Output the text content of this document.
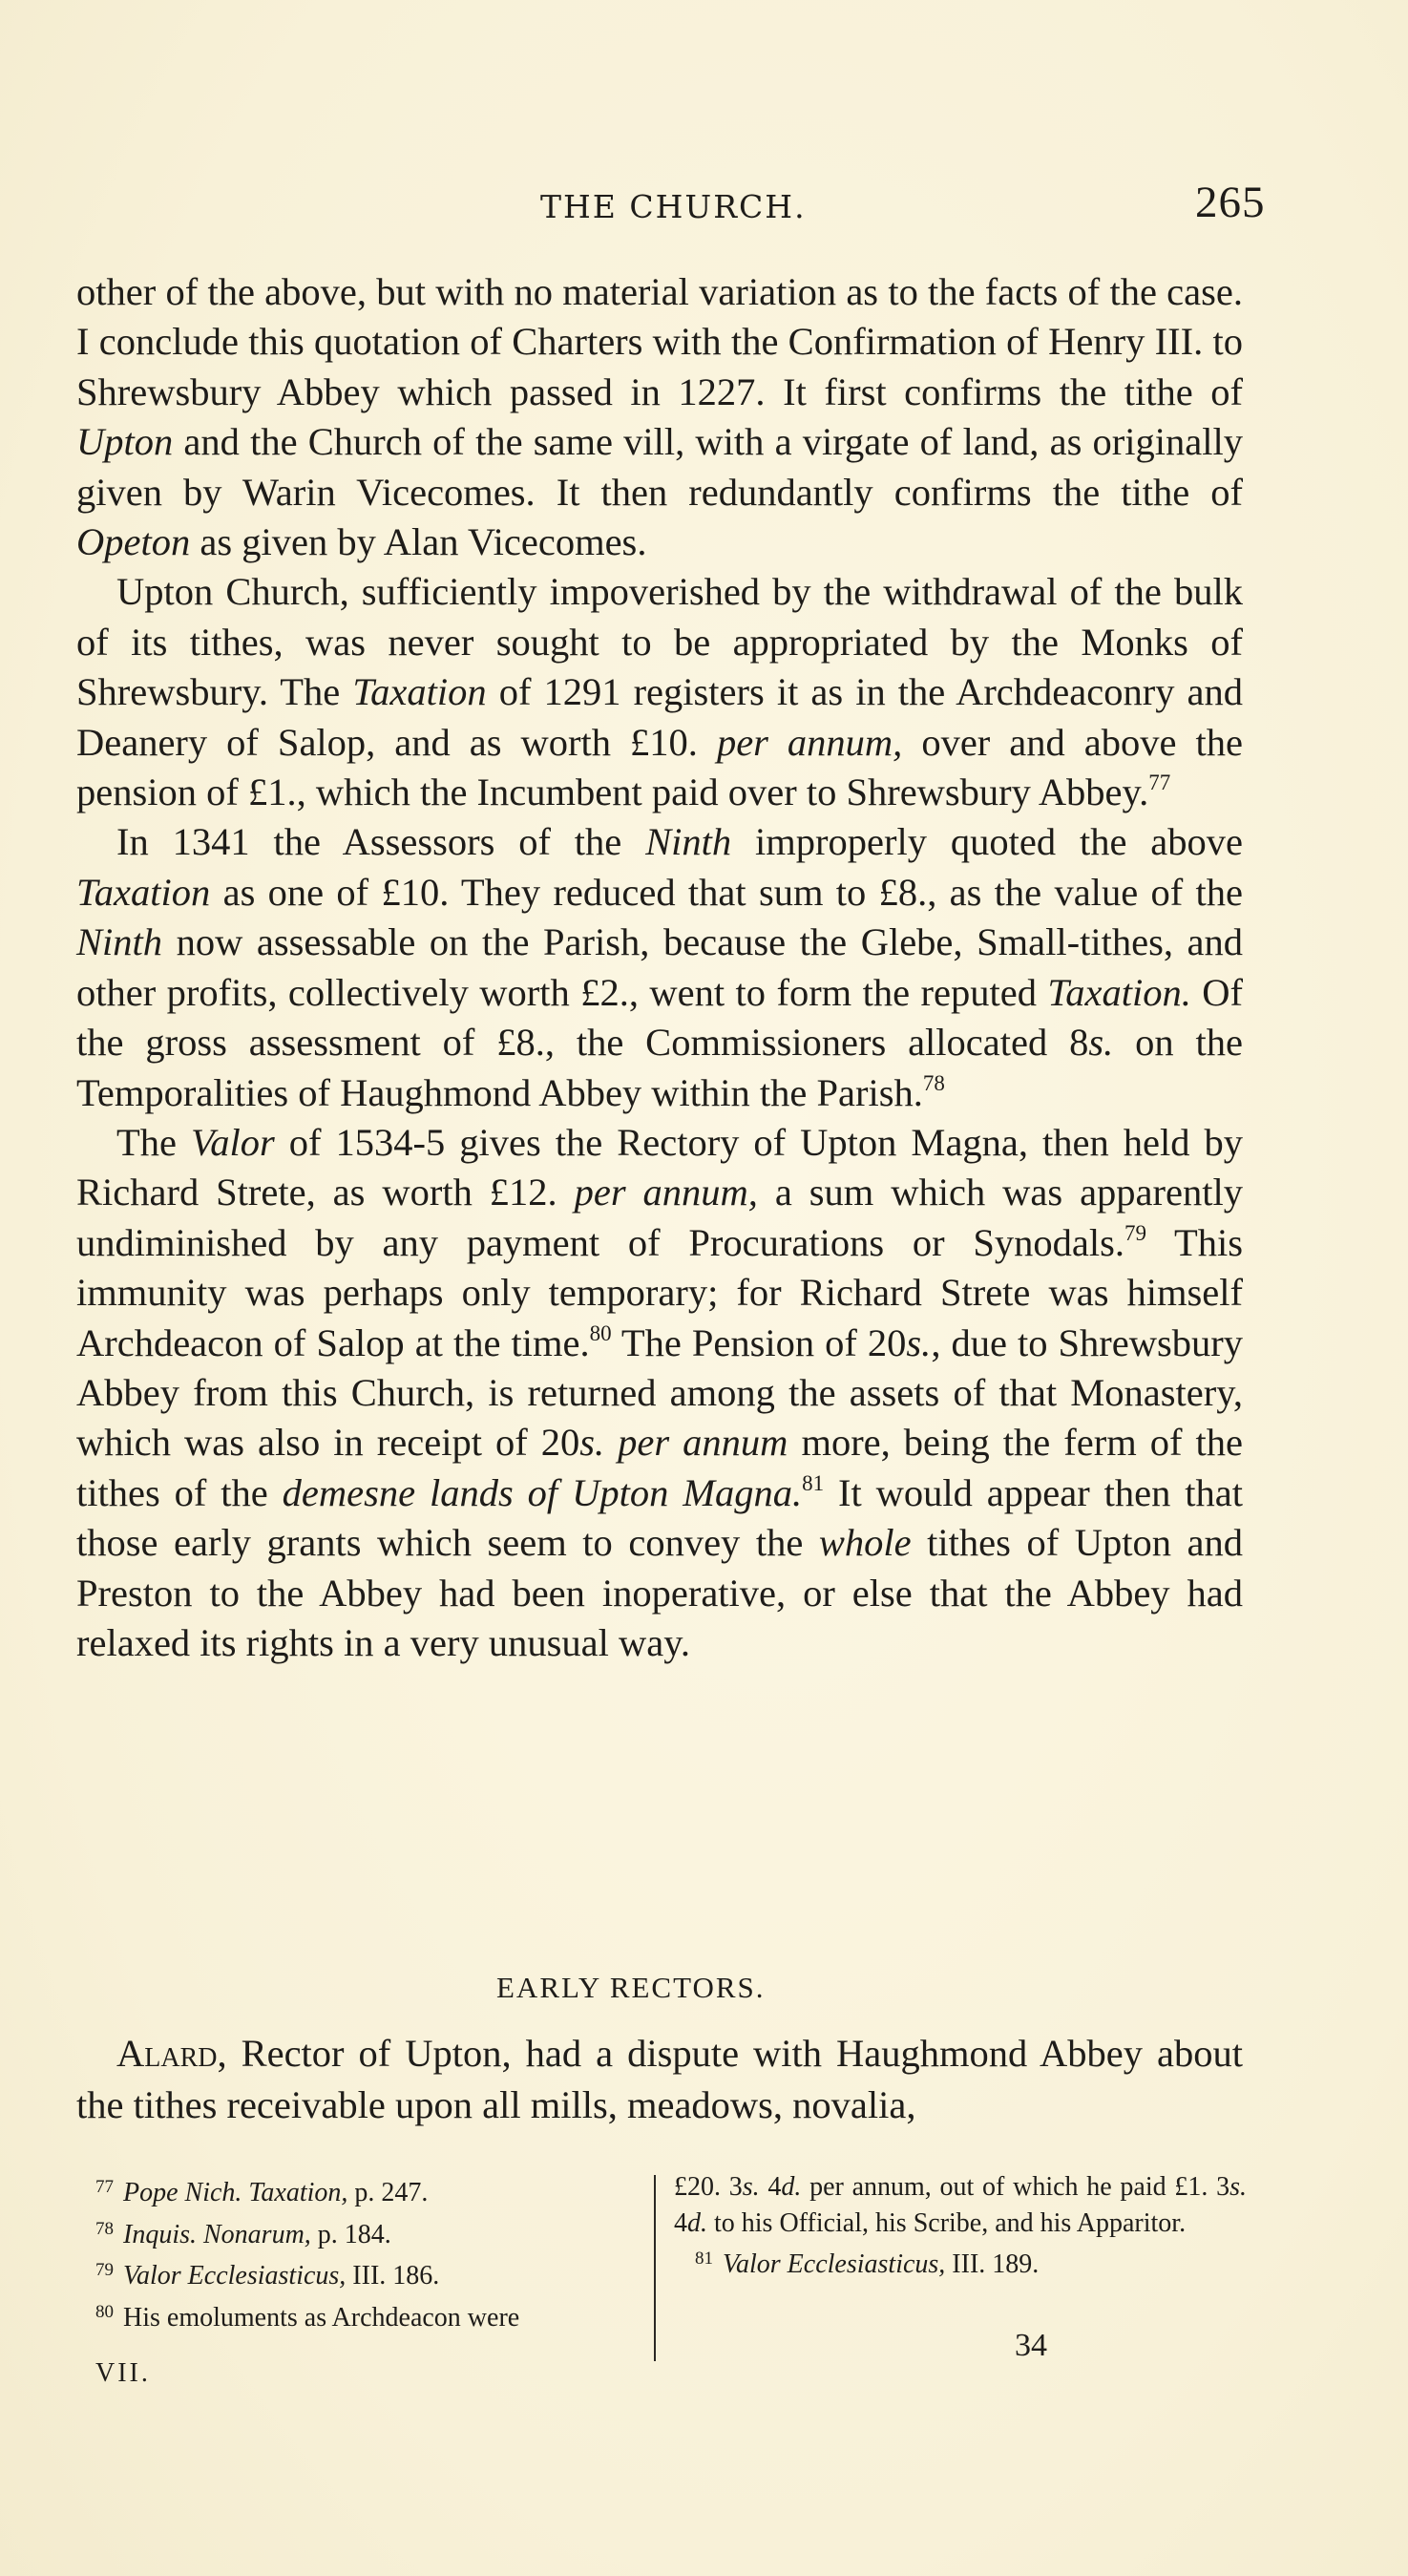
THE CHURCH.	265

other of the above, but with no material variation as to the facts of the case. I conclude this quotation of Charters with the Confirmation of Henry III. to Shrewsbury Abbey which passed in 1227. It first confirms the tithe of Upton and the Church of the same vill, with a virgate of land, as originally given by Warin Vicecomes. It then redundantly confirms the tithe of Opeton as given by Alan Vicecomes.

Upton Church, sufficiently impoverished by the withdrawal of the bulk of its tithes, was never sought to be appropriated by the Monks of Shrewsbury. The Taxation of 1291 registers it as in the Archdeaconry and Deanery of Salop, and as worth £10. per annum, over and above the pension of £1., which the Incumbent paid over to Shrewsbury Abbey.$^{77}$

In 1341 the Assessors of the Ninth improperly quoted the above Taxation as one of £10. They reduced that sum to £8., as the value of the Ninth now assessable on the Parish, because the Glebe, Small-tithes, and other profits, collectively worth £2., went to form the reputed Taxation. Of the gross assessment of £8., the Commissioners allocated 8s. on the Temporalities of Haughmond Abbey within the Parish.$^{78}$

The Valor of 1534-5 gives the Rectory of Upton Magna, then held by Richard Strete, as worth £12. per annum, a sum which was apparently undiminished by any payment of Procurations or Synodals.$^{79}$ This immunity was perhaps only temporary; for Richard Strete was himself Archdeacon of Salop at the time.$^{80}$ The Pension of 20s., due to Shrewsbury Abbey from this Church, is returned among the assets of that Monastery, which was also in receipt of 20s. per annum more, being the ferm of the tithes of the demesne lands of Upton Magna.$^{81}$ It would appear then that those early grants which seem to convey the whole tithes of Upton and Preston to the Abbey had been inoperative, or else that the Abbey had relaxed its rights in a very unusual way.

EARLY RECTORS.

Alard, Rector of Upton, had a dispute with Haughmond Abbey about the tithes receivable upon all mills, meadows, novalia,

$^{77}$ Pope Nich. Taxation, p. 247.
$^{78}$ Inquis. Nonarum, p. 184.
$^{79}$ Valor Ecclesiasticus, III. 186.
$^{80}$ His emoluments as Archdeacon were
£20. 3s. 4d. per annum, out of which he paid £1. 3s. 4d. to his Official, his Scribe, and his Apparitor.
$^{81}$ Valor Ecclesiasticus, III. 189.
VII.
34
